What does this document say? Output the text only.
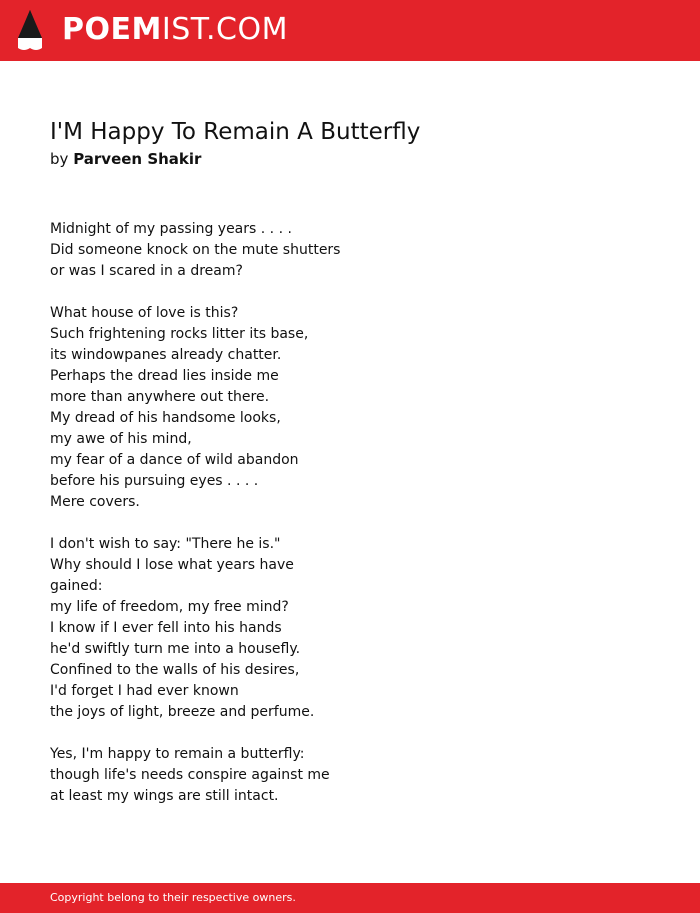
POEMIST.COM
I'M Happy To Remain A Butterfly
by Parveen Shakir
Midnight of my passing years . . . .
Did someone knock on the mute shutters
or was I scared in a dream?
What house of love is this?
Such frightening rocks litter its base,
its windowpanes already chatter.
Perhaps the dread lies inside me
more than anywhere out there.
My dread of his handsome looks,
my awe of his mind,
my fear of a dance of wild abandon
before his pursuing eyes . . . .
Mere covers.
I don't wish to say: "There he is."
Why should I lose what years have
gained:
my life of freedom, my free mind?
I know if I ever fell into his hands
he'd swiftly turn me into a housefly.
Confined to the walls of his desires,
I'd forget I had ever known
the joys of light, breeze and perfume.
Yes, I'm happy to remain a butterfly:
though life's needs conspire against me
at least my wings are still intact.
Copyright belong to their respective owners.
